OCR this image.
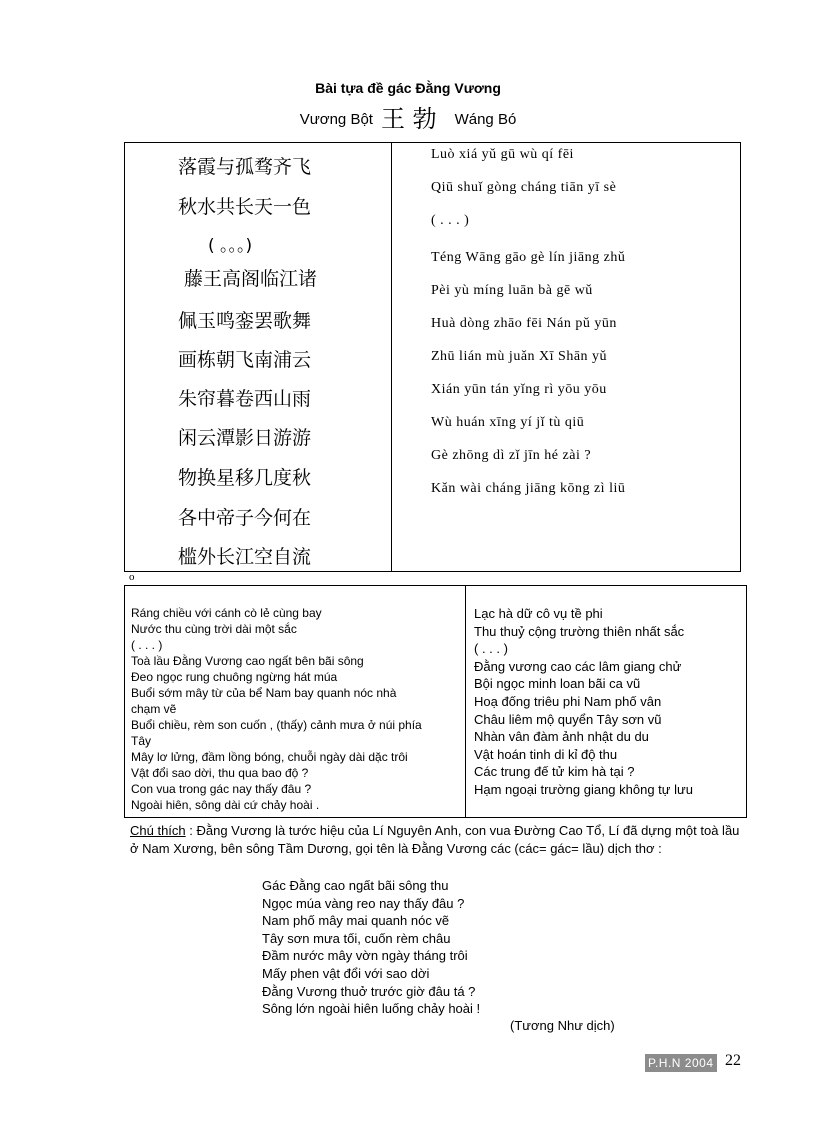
Bài tựa đề gác Đằng Vương
Vương Bột 王 勃 Wáng Bó
落霞与孤骛齐飞
秋水共长天一色
( 。。。)
藤王高阁临江诸
佩玉鸣銮罢歌舞
画栋朝飞南浦云
朱帘暮卷西山雨
闲云潭影日游游
物换星移几度秋
各中帝子今何在
槛外长江空自流
Luò xiá yǔ gū wù qí fēi
Qiū shuǐ gòng cháng tiān yī sè
( . . . )
Téng Wāng gāo gè lín jiāng zhǔ
Pèi yù míng luān bà gē wǔ
Huà dòng zhāo fēi Nán pǔ yūn
Zhū lián mù juǎn Xī Shān yǔ
Xián yūn tán yǐng rì yōu yōu
Wù huán xīng yí jǐ tù qiū
Gè zhōng dì zǐ jīn hé zài ?
Kǎn wài cháng jiāng kōng zì liū
o
Ráng chiều với cánh cò lẻ cùng bay
Nước thu cùng trời dài một sắc
( . . . )
Toà lầu Đằng Vương cao ngất bên bãi sông
Đeo ngọc rung chuông ngừng hát múa
Buổi sớm mây từ của bể Nam bay quanh nóc nhà
chạm vẽ
Buổi chiều, rèm son cuốn , (thấy) cảnh mưa ở núi phía
Tây
Mây lơ lửng, đầm lồng bóng, chuỗi ngày dài dặc trôi
Vật đổi sao dời, thu qua bao độ ?
Con vua trong gác nay thấy đâu ?
Ngoài hiên, sông dài cứ chảy hoài .
Lạc hà dữ cô vụ tề phi
Thu thuỷ cộng trường thiên nhất sắc
( . . . )
Đằng vương cao các lâm giang chử
Bội ngọc minh loan bãi ca vũ
Hoạ đống triêu phi Nam phố vân
Châu liêm mộ quyển Tây sơn vũ
Nhàn vân đàm ảnh nhật du du
Vật hoán tinh di kỉ độ thu
Các trung đế tử kim hà tại ?
Hạm ngoại trường giang không tự lưu
Chú thích : Đằng Vương là tước hiệu của Lí Nguyên Anh, con vua Đường Cao Tổ, Lí đã dựng một toà lầu ở Nam Xương, bên sông Tầm Dương, gọi tên là Đằng Vương các (các= gác= lầu) dịch thơ :
Gác Đằng cao ngất bãi sông thu
Ngọc múa vàng reo nay thấy đâu ?
Nam phố mây mai quanh nóc vẽ
Tây sơn mưa tối, cuốn rèm châu
Đầm nước mây vờn ngày tháng trôi
Mấy phen vật đổi với sao dời
Đằng Vương thuở trước giờ đâu tá ?
Sông lớn ngoài hiên luống chảy hoài !
(Tương Như dịch)
P.H.N 2004 22
